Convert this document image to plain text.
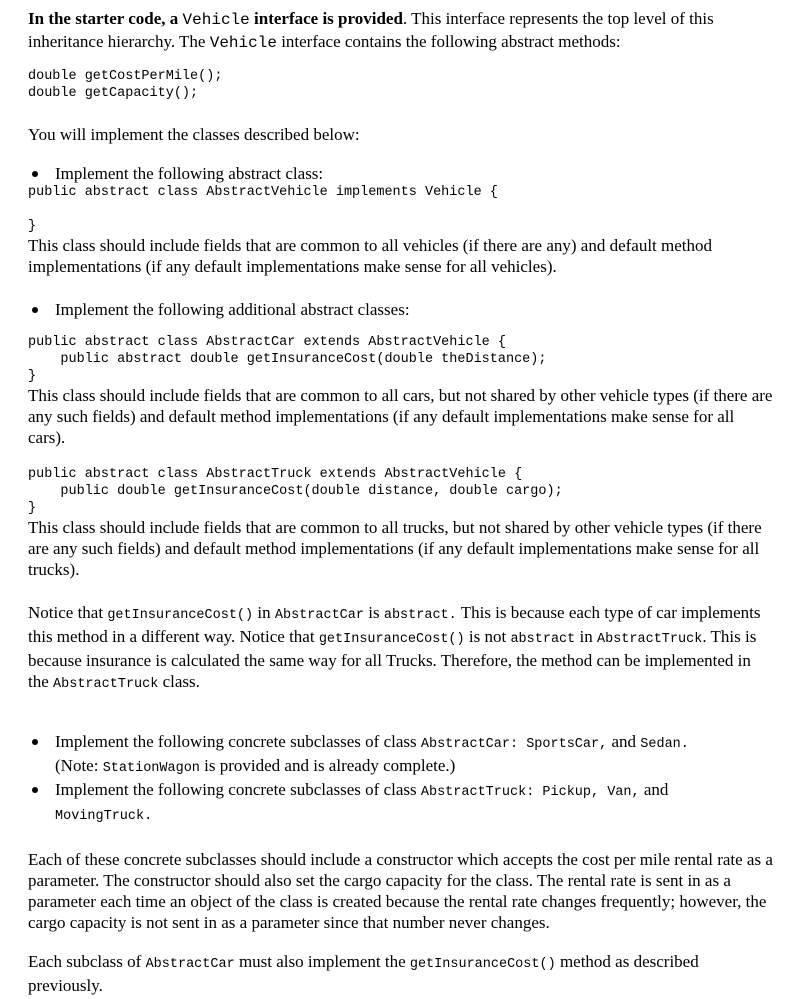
In the starter code, a Vehicle interface is provided. This interface represents the top level of this inheritance hierarchy. The Vehicle interface contains the following abstract methods:

double getCostPerMile();
double getCapacity();

You will implement the classes described below:

Implement the following abstract class:
public abstract class AbstractVehicle implements Vehicle {

}

This class should include fields that are common to all vehicles (if there are any) and default method implementations (if any default implementations make sense for all vehicles).

Implement the following additional abstract classes:
public abstract class AbstractCar extends AbstractVehicle {
public abstract double getInsuranceCost(double theDistance);
}

This class should include fields that are common to all cars, but not shared by other vehicle types (if there are any such fields) and default method implementations (if any default implementations make sense for all cars).

public abstract class AbstractTruck extends AbstractVehicle {
public double getInsuranceCost(double distance, double cargo);
}

This class should include fields that are common to all trucks, but not shared by other vehicle types (if there are any such fields) and default method implementations (if any default implementations make sense for all trucks).

Notice that getInsuranceCost() in AbstractCar is abstract. This is because each type of car implements this method in a different way. Notice that getInsuranceCost() is not abstract in AbstractTruck. This is because insurance is calculated the same way for all Trucks. Therefore, the method can be implemented in the AbstractTruck class.

Implement the following concrete subclasses of class AbstractCar: SportsCar, and Sedan.
(Note: StationWagon is provided and is already complete.)
Implement the following concrete subclasses of class AbstractTruck: Pickup, Van, and
MovingTruck.

Each of these concrete subclasses should include a constructor which accepts the cost per mile rental rate as a parameter. The constructor should also set the cargo capacity for the class. The rental rate is sent in as a parameter each time an object of the class is created because the rental rate changes frequently; however, the cargo capacity is not sent in as a parameter since that number never changes.

Each subclass of AbstractCar must also implement the getInsuranceCost() method as described previously.
